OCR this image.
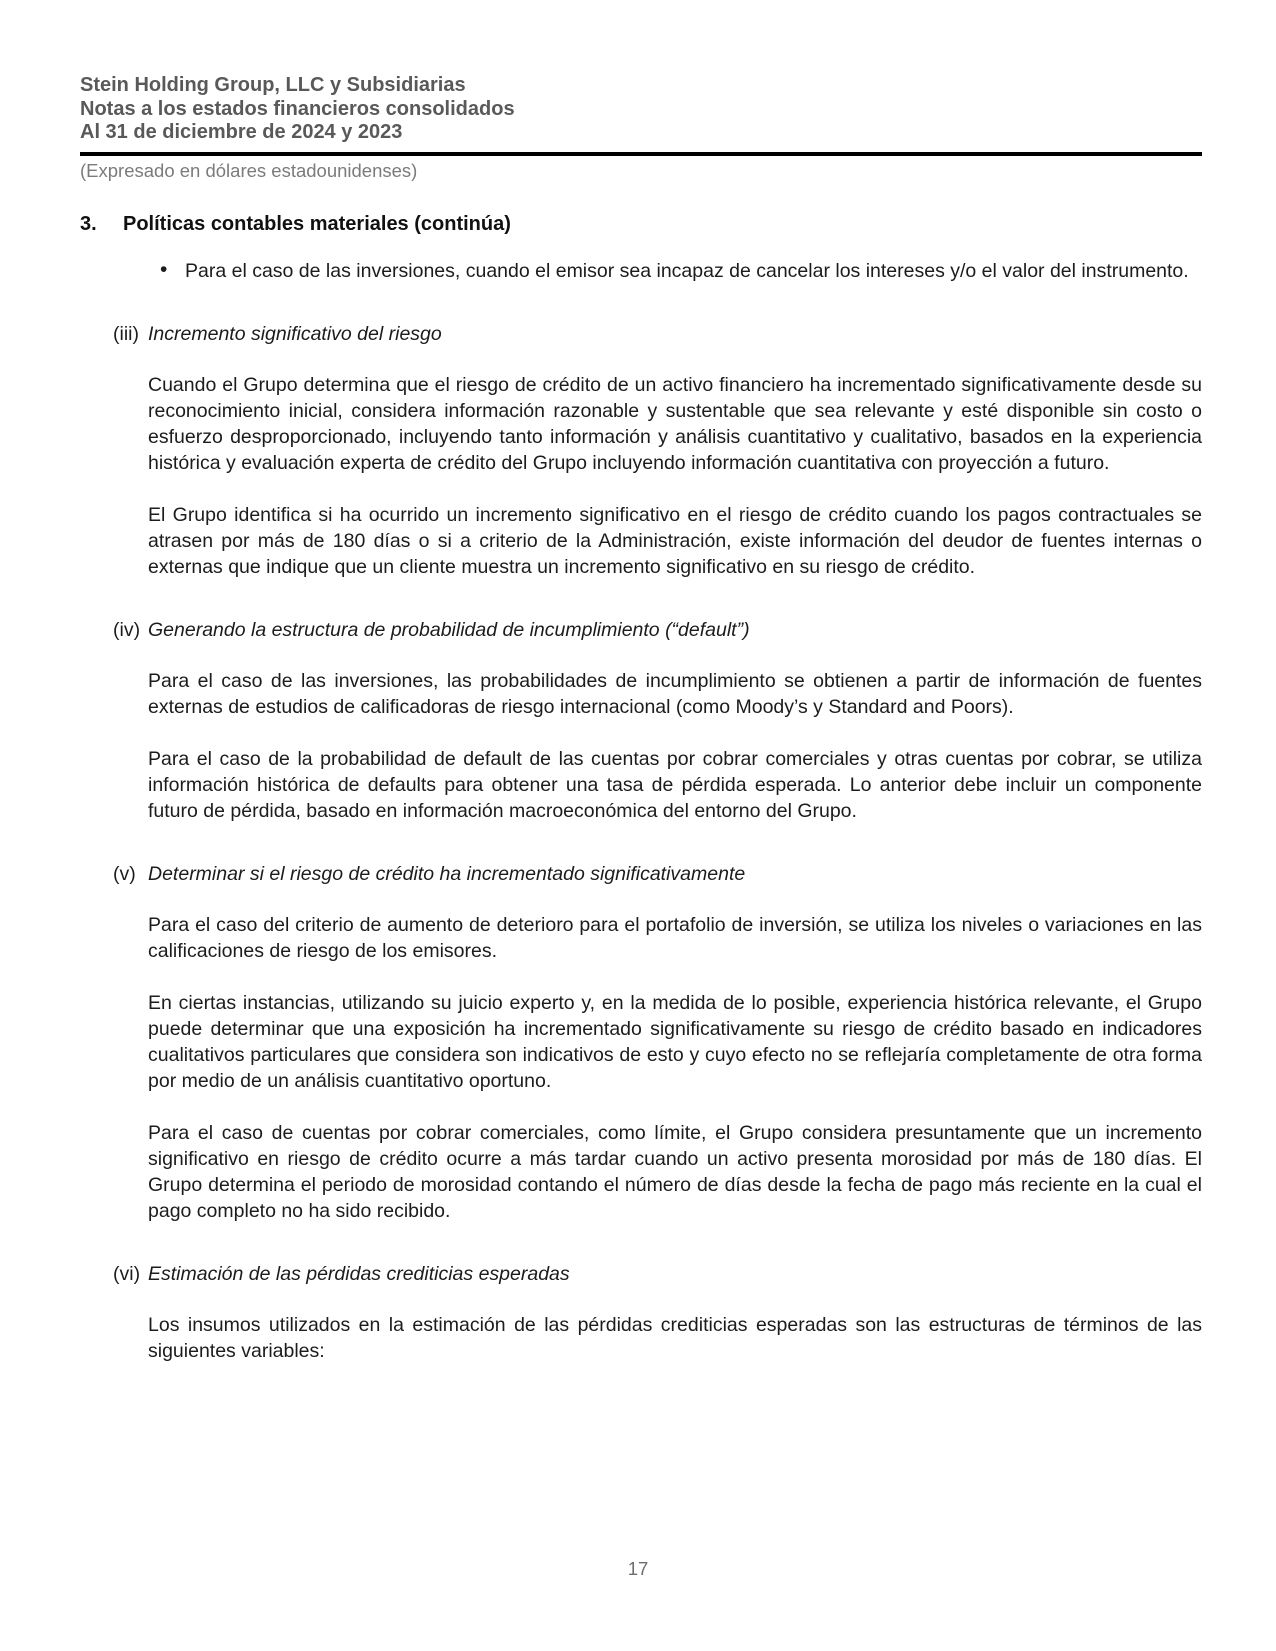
Stein Holding Group, LLC y Subsidiarias
Notas a los estados financieros consolidados
Al 31 de diciembre de 2024 y 2023
(Expresado en dólares estadounidenses)
3. Políticas contables materiales (continúa)
• Para el caso de las inversiones, cuando el emisor sea incapaz de cancelar los intereses y/o el valor del instrumento.
(iii) Incremento significativo del riesgo

Cuando el Grupo determina que el riesgo de crédito de un activo financiero ha incrementado significativamente desde su reconocimiento inicial, considera información razonable y sustentable que sea relevante y esté disponible sin costo o esfuerzo desproporcionado, incluyendo tanto información y análisis cuantitativo y cualitativo, basados en la experiencia histórica y evaluación experta de crédito del Grupo incluyendo información cuantitativa con proyección a futuro.

El Grupo identifica si ha ocurrido un incremento significativo en el riesgo de crédito cuando los pagos contractuales se atrasen por más de 180 días o si a criterio de la Administración, existe información del deudor de fuentes internas o externas que indique que un cliente muestra un incremento significativo en su riesgo de crédito.

(iv) Generando la estructura de probabilidad de incumplimiento (“default”)

Para el caso de las inversiones, las probabilidades de incumplimiento se obtienen a partir de información de fuentes externas de estudios de calificadoras de riesgo internacional (como Moody’s y Standard and Poors).

Para el caso de la probabilidad de default de las cuentas por cobrar comerciales y otras cuentas por cobrar, se utiliza información histórica de defaults para obtener una tasa de pérdida esperada. Lo anterior debe incluir un componente futuro de pérdida, basado en información macroeconómica del entorno del Grupo.

(v) Determinar si el riesgo de crédito ha incrementado significativamente

Para el caso del criterio de aumento de deterioro para el portafolio de inversión, se utiliza los niveles o variaciones en las calificaciones de riesgo de los emisores.

En ciertas instancias, utilizando su juicio experto y, en la medida de lo posible, experiencia histórica relevante, el Grupo puede determinar que una exposición ha incrementado significativamente su riesgo de crédito basado en indicadores cualitativos particulares que considera son indicativos de esto y cuyo efecto no se reflejaría completamente de otra forma por medio de un análisis cuantitativo oportuno.

Para el caso de cuentas por cobrar comerciales, como límite, el Grupo considera presuntamente que un incremento significativo en riesgo de crédito ocurre a más tardar cuando un activo presenta morosidad por más de 180 días. El Grupo determina el periodo de morosidad contando el número de días desde la fecha de pago más reciente en la cual el pago completo no ha sido recibido.

(vi) Estimación de las pérdidas crediticias esperadas

Los insumos utilizados en la estimación de las pérdidas crediticias esperadas son las estructuras de términos de las siguientes variables:

17
